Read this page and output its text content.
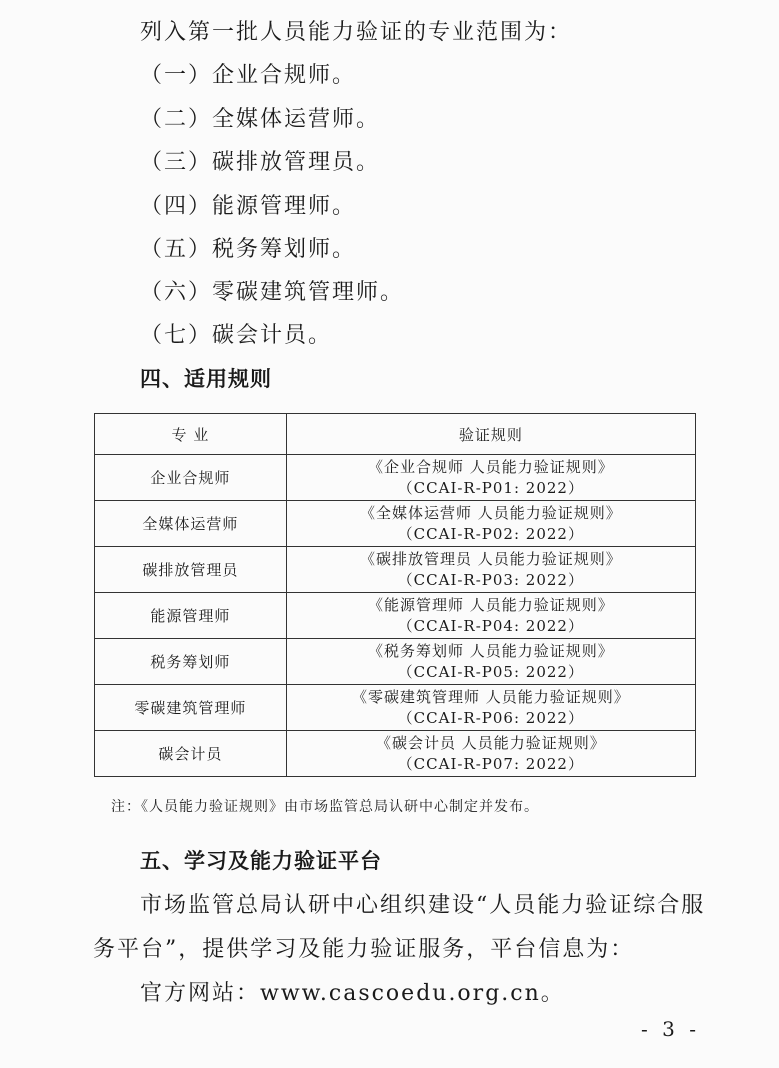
列入第一批人员能力验证的专业范围为：
（一）企业合规师。
（二）全媒体运营师。
（三）碳排放管理员。
（四）能源管理师。
（五）税务筹划师。
（六）零碳建筑管理师。
（七）碳会计员。
四、适用规则
专 业	验证规则
企业合规师	《企业合规师 人员能力验证规则》
（CCAI-R-P01: 2022）

全媒体运营师	《全媒体运营师 人员能力验证规则》
（CCAI-R-P02: 2022）

碳排放管理员	《碳排放管理员 人员能力验证规则》
（CCAI-R-P03: 2022）

能源管理师	《能源管理师 人员能力验证规则》
（CCAI-R-P04: 2022）

税务筹划师	《税务筹划师 人员能力验证规则》
（CCAI-R-P05: 2022）

零碳建筑管理师	《零碳建筑管理师 人员能力验证规则》
（CCAI-R-P06: 2022）

碳会计员	《碳会计员 人员能力验证规则》
（CCAI-R-P07: 2022）
注：《人员能力验证规则》由市场监管总局认研中心制定并发布。
五、学习及能力验证平台
市场监管总局认研中心组织建设“人员能力验证综合服
务平台”，提供学习及能力验证服务，平台信息为：
官方网站：www.cascoedu.org.cn。
- 3 -
